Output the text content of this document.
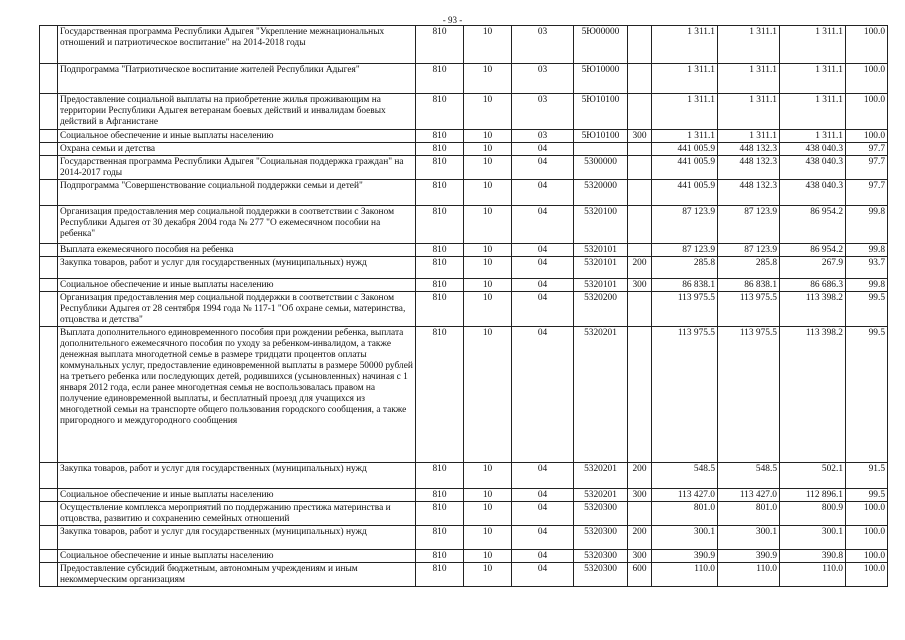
- 93 -
	Государственная программа Республики Адыгея "Укрепление межнациональных отношений и патриотическое воспитание" на 2014-2018 годы	810	10	03	5Ю00000		1 311.1	1 311.1	1 311.1	100.0
	Подпрограмма "Патриотическое воспитание жителей Республики Адыгея"	810	10	03	5Ю10000		1 311.1	1 311.1	1 311.1	100.0
	Предоставление социальной выплаты на приобретение жилья проживающим на территории Республики Адыгея ветеранам боевых действий и инвалидам боевых действий в Афганистане	810	10	03	5Ю10100		1 311.1	1 311.1	1 311.1	100.0
	Социальное обеспечение и иные выплаты населению	810	10	03	5Ю10100	300	1 311.1	1 311.1	1 311.1	100.0
	Охрана семьи и детства	810	10	04			441 005.9	448 132.3	438 040.3	97.7
	Государственная программа Республики Адыгея "Социальная поддержка граждан" на 2014-2017 годы	810	10	04	5300000		441 005.9	448 132.3	438 040.3	97.7
	Подпрограмма "Совершенствование социальной поддержки семьи и детей"	810	10	04	5320000		441 005.9	448 132.3	438 040.3	97.7
	Организация предоставления мер социальной поддержки в соответствии с Законом Республики Адыгея от 30 декабря 2004 года № 277 "О ежемесячном пособии на ребенка"	810	10	04	5320100		87 123.9	87 123.9	86 954.2	99.8
	Выплата ежемесячного пособия на ребенка	810	10	04	5320101		87 123.9	87 123.9	86 954.2	99.8
	Закупка товаров, работ и услуг для государственных (муниципальных) нужд	810	10	04	5320101	200	285.8	285.8	267.9	93.7
	Социальное обеспечение и иные выплаты населению	810	10	04	5320101	300	86 838.1	86 838.1	86 686.3	99.8
	Организация предоставления мер социальной поддержки в соответствии с Законом Республики Адыгея от 28 сентября 1994 года № 117-1 "Об охране семьи, материнства, отцовства и детства"	810	10	04	5320200		113 975.5	113 975.5	113 398.2	99.5
	Выплата дополнительного единовременного пособия при рождении ребенка, выплата дополнительного ежемесячного пособия по уходу за ребенком-инвалидом, а также денежная выплата многодетной семье в размере тридцати процентов оплаты коммунальных услуг, предоставление единовременной выплаты в размере 50000 рублей на третьего ребенка или последующих детей, родившихся (усыновленных) начиная с 1 января 2012 года, если ранее многодетная семья не воспользовалась правом на получение единовременной выплаты, и бесплатный проезд для учащихся из многодетной семьи на транспорте общего пользования городского сообщения, а также пригородного и междугородного сообщения	810	10	04	5320201		113 975.5	113 975.5	113 398.2	99.5
	Закупка товаров, работ и услуг для государственных (муниципальных) нужд	810	10	04	5320201	200	548.5	548.5	502.1	91.5
	Социальное обеспечение и иные выплаты населению	810	10	04	5320201	300	113 427.0	113 427.0	112 896.1	99.5
	Осуществление комплекса мероприятий по поддержанию престижа материнства и отцовства, развитию и сохранению семейных отношений	810	10	04	5320300		801.0	801.0	800.9	100.0
	Закупка товаров, работ и услуг для государственных (муниципальных) нужд	810	10	04	5320300	200	300.1	300.1	300.1	100.0
	Социальное обеспечение и иные выплаты населению	810	10	04	5320300	300	390.9	390.9	390.8	100.0
	Предоставление субсидий бюджетным, автономным учреждениям и иным некоммерческим организациям	810	10	04	5320300	600	110.0	110.0	110.0	100.0
